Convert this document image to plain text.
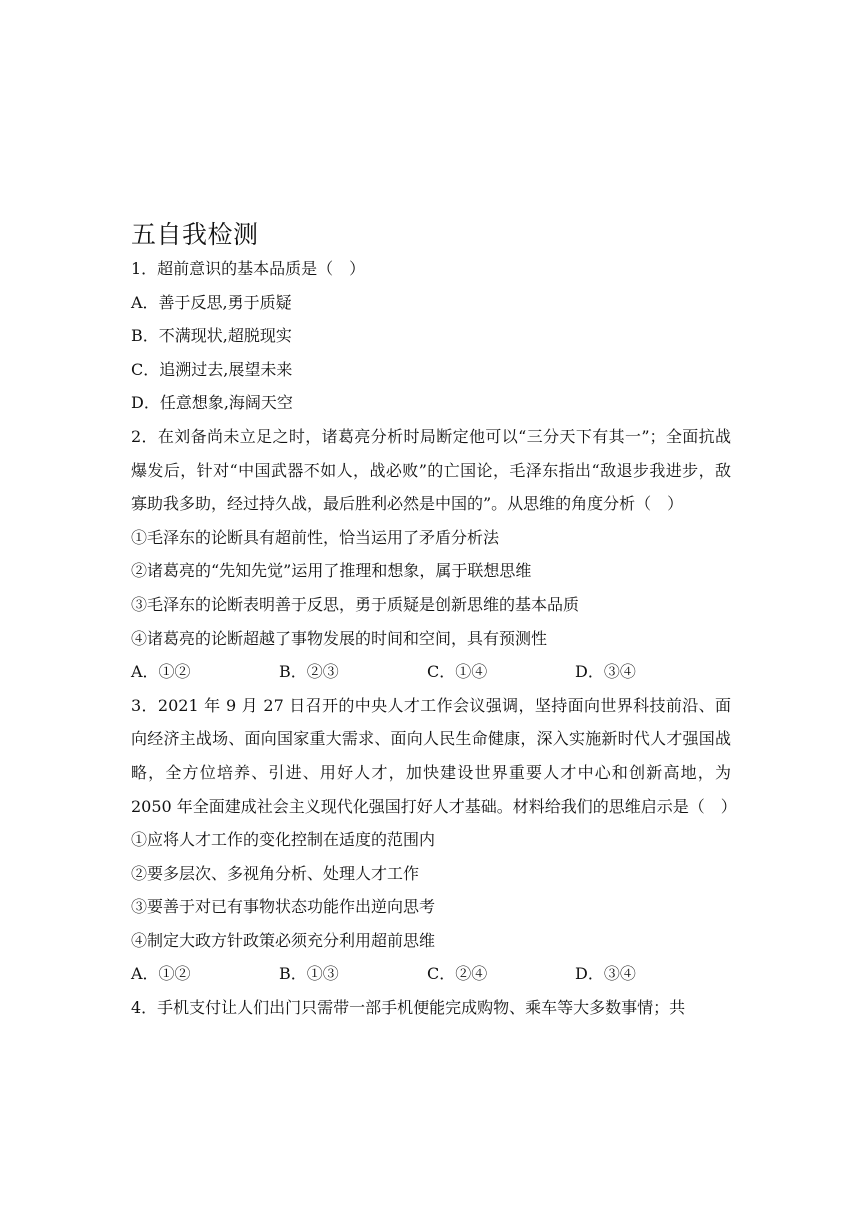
五自我检测
1．超前意识的基本品质是（　）
A．善于反思,勇于质疑
B．不满现状,超脱现实
C．追溯过去,展望未来
D．任意想象,海阔天空
2．在刘备尚未立足之时，诸葛亮分析时局断定他可以“三分天下有其一”；全面抗战爆发后，针对“中国武器不如人，战必败”的亡国论，毛泽东指出“敌退步我进步，敌寡助我多助，经过持久战，最后胜利必然是中国的”。从思维的角度分析（　）
①毛泽东的论断具有超前性，恰当运用了矛盾分析法
②诸葛亮的“先知先觉”运用了推理和想象，属于联想思维
③毛泽东的论断表明善于反思，勇于质疑是创新思维的基本品质
④诸葛亮的论断超越了事物发展的时间和空间，具有预测性
A．①②	B．②③	C．①④	D．③④
3．2021 年 9 月 27 日召开的中央人才工作会议强调，坚持面向世界科技前沿、面向经济主战场、面向国家重大需求、面向人民生命健康，深入实施新时代人才强国战略，全方位培养、引进、用好人才，加快建设世界重要人才中心和创新高地，为 2050 年全面建成社会主义现代化强国打好人才基础。材料给我们的思维启示是（　）
①应将人才工作的变化控制在适度的范围内
②要多层次、多视角分析、处理人才工作
③要善于对已有事物状态功能作出逆向思考
④制定大政方针政策必须充分利用超前思维
A．①②	B．①③	C．②④	D．③④
4．手机支付让人们出门只需带一部手机便能完成购物、乘车等大多数事情；共
